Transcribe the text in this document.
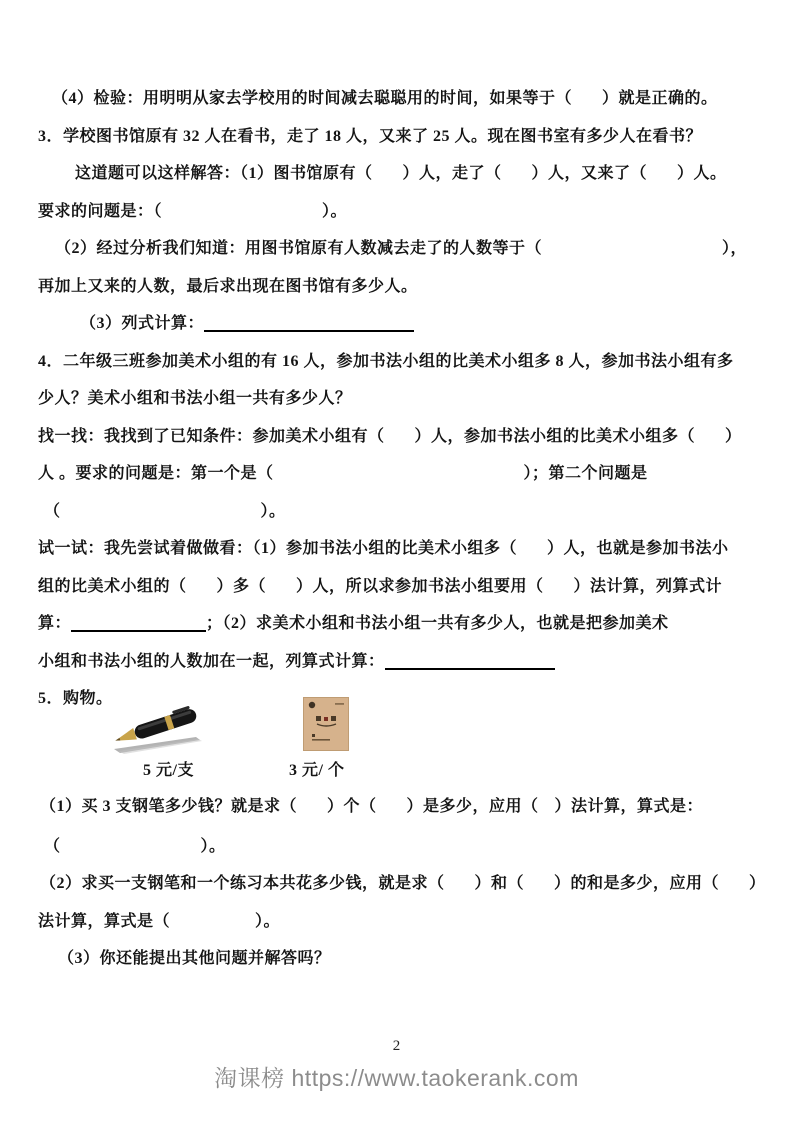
（4）检验：用明明从家去学校用的时间减去聪聪用的时间，如果等于（ ）就是正确的。
3．学校图书馆原有 32 人在看书，走了 18 人，又来了 25 人。现在图书室有多少人在看书？
这道题可以这样解答：（1）图书馆原有（ ）人，走了（ ）人，又来了（ ）人。
要求的问题是：（	）。
（2）经过分析我们知道：用图书馆原有人数减去走了的人数等于（	），
再加上又来的人数，最后求出现在图书馆有多少人。
（3）列式计算：
4．二年级三班参加美术小组的有 16 人，参加书法小组的比美术小组多 8 人，参加书法小组有多
少人？美术小组和书法小组一共有多少人？
找一找：我找到了已知条件：参加美术小组有（ ）人，参加书法小组的比美术小组多（ ）
人 。要求的问题是：第一个是（	）；第二个问题是
（	）。
试一试：我先尝试着做做看：（1）参加书法小组的比美术小组多（ ）人，也就是参加书法小
组的比美术小组的（ ）多（ ）人，所以求参加书法小组要用（ ）法计算，列算式计
算：	；（2）求美术小组和书法小组一共有多少人，也就是把参加美术
小组和书法小组的人数加在一起，列算式计算：
5．购物。
5 元/支	3 元/ 个
（1）买 3 支钢笔多少钱？就是求（ ）个（ ）是多少，应用（ ）法计算，算式是：
（	）。
（2）求买一支钢笔和一个练习本共花多少钱，就是求（ ）和（ ）的和是多少，应用（ ）
法计算，算式是（	）。
（3）你还能提出其他问题并解答吗？
2
淘课榜 https://www.taokerank.com
